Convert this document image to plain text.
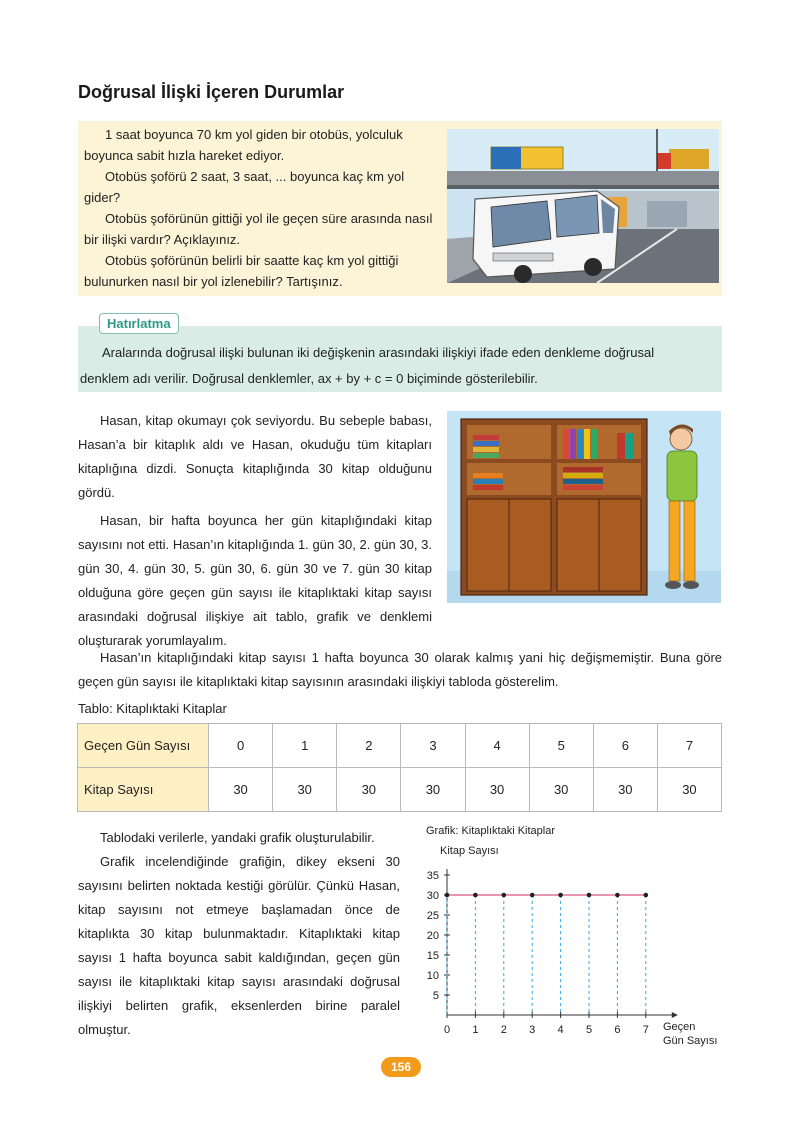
Doğrusal İlişki İçeren Durumlar

1 saat boyunca 70 km yol giden bir otobüs, yolculuk boyunca sabit hızla hareket ediyor.

Otobüs şoförü 2 saat, 3 saat, ... boyunca kaç km yol gider?

Otobüs şoförünün gittiği yol ile geçen süre arasında nasıl bir ilişki vardır? Açıklayınız.

Otobüs şoförünün belirli bir saatte kaç km yol gittiği bulunurken nasıl bir yol izlenebilir? Tartışınız.

Hatırlatma
Aralarında doğrusal ilişki bulunan iki değişkenin arasındaki ilişkiyi ifade eden denkleme doğrusal
denklem adı verilir. Doğrusal denklemler, ax + by + c = 0 biçiminde gösterilebilir.

Hasan, kitap okumayı çok seviyordu. Bu sebeple babası, Hasan’a bir kitaplık aldı ve Hasan, okuduğu tüm kitapları kitaplığına dizdi. Sonuçta kitaplığında 30 kitap olduğunu gördü.

Hasan, bir hafta boyunca her gün kitaplığındaki kitap sayısını not etti. Hasan’ın kitaplığında 1. gün 30, 2. gün 30, 3. gün 30, 4. gün 30, 5. gün 30, 6. gün 30 ve 7. gün 30 kitap olduğuna göre geçen gün sayısı ile kitaplıktaki kitap sayısı arasındaki doğrusal ilişkiye ait tablo, grafik ve denklemi oluşturarak yorumlayalım.

Hasan’ın kitaplığındaki kitap sayısı 1 hafta boyunca 30 olarak kalmış yani hiç değişmemiştir. Buna göre geçen gün sayısı ile kitaplıktaki kitap sayısının arasındaki ilişkiyi tabloda gösterelim.

Tablo: Kitaplıktaki Kitaplar
Geçen Gün Sayısı	0	1	2	3	4	5	6	7
Kitap Sayısı	30	30	30	30	30	30	30	30

Tablodaki verilerle, yandaki grafik oluşturulabilir.

Grafik incelendiğinde grafiğin, dikey ekseni 30 sayısını belirten noktada kestiği görülür. Çünkü Hasan, kitap sayısını not etmeye başlamadan önce de kitaplıkta 30 kitap bulunmaktadır. Kitaplıktaki kitap sayısı 1 hafta boyunca sabit kaldığından, geçen gün sayısı ile kitaplıktaki kitap sayısı arasındaki doğrusal ilişkiyi belirten grafik, eksenlerden birine paralel olmuştur.

Grafik: Kitaplıktaki Kitaplar
Kitap Sayısı
Geçen
Gün Sayısı
5
10
15
20
25
30
35
0 1 2 3 4 5 6 7
156
